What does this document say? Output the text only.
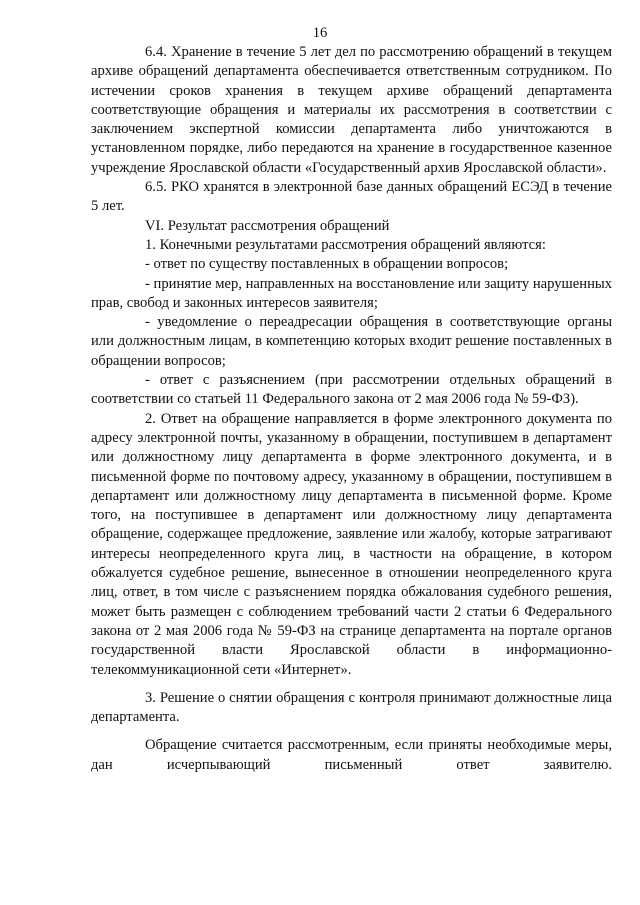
16

6.4. Хранение в течение 5 лет дел по рассмотрению обращений в текущем архиве обращений департамента обеспечивается ответственным сотрудником. По истечении сроков хранения в текущем архиве обращений департамента соответствующие обращения и материалы их рассмотрения в соответствии с заключением экспертной комиссии департамента либо уничтожаются в установленном порядке, либо передаются на хранение в государственное казенное учреждение Ярославской области «Государственный архив Ярославской области».

6.5. РКО хранятся в электронной базе данных обращений ЕСЭД в течение 5 лет.

VI. Результат рассмотрения обращений

1. Конечными результатами рассмотрения обращений являются:

- ответ по существу поставленных в обращении вопросов;

- принятие мер, направленных на восстановление или защиту нарушенных прав, свобод и законных интересов заявителя;

- уведомление о переадресации обращения в соответствующие органы или должностным лицам, в компетенцию которых входит решение поставленных в обращении вопросов;

- ответ с разъяснением (при рассмотрении отдельных обращений в соответствии со статьей 11 Федерального закона от 2 мая 2006 года № 59-ФЗ).

2. Ответ на обращение направляется в форме электронного документа по адресу электронной почты, указанному в обращении, поступившем в департамент или должностному лицу департамента в форме электронного документа, и в письменной форме по почтовому адресу, указанному в обращении, поступившем в департамент или должностному лицу департамента в письменной форме. Кроме того, на поступившее в департамент или должностному лицу департамента обращение, содержащее предложение, заявление или жалобу, которые затрагивают интересы неопределенного круга лиц, в частности на обращение, в котором обжалуется судебное решение, вынесенное в отношении неопределенного круга лиц, ответ, в том числе с разъяснением порядка обжалования судебного решения, может быть размещен с соблюдением требований части 2 статьи 6 Федерального закона от 2 мая 2006 года № 59-ФЗ на странице департамента на портале органов государственной власти Ярославской области в информационно-телекоммуникационной сети «Интернет».

3. Решение о снятии обращения с контроля принимают должностные лица департамента.

Обращение считается рассмотренным, если приняты необходимые меры, дан исчерпывающий письменный ответ заявителю.
